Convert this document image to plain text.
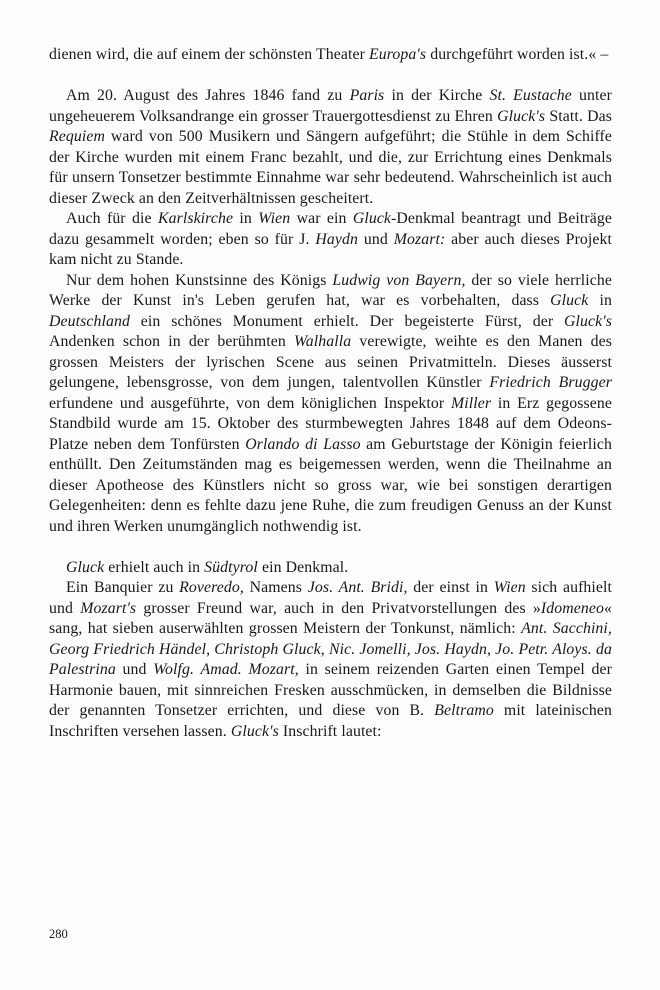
dienen wird, die auf einem der schönsten Theater Europa's durchgeführt worden ist.« –

Am 20. August des Jahres 1846 fand zu Paris in der Kirche St. Eustache unter ungeheuerem Volksandrange ein grosser Trauergottesdienst zu Ehren Gluck's Statt. Das Requiem ward von 500 Musikern und Sängern aufgeführt; die Stühle in dem Schiffe der Kirche wurden mit einem Franc bezahlt, und die, zur Errichtung eines Denkmals für unsern Tonsetzer bestimmte Einnahme war sehr bedeutend. Wahrscheinlich ist auch dieser Zweck an den Zeitverhältnissen gescheitert.

Auch für die Karlskirche in Wien war ein Gluck-Denkmal beantragt und Beiträge dazu gesammelt worden; eben so für J. Haydn und Mozart: aber auch dieses Projekt kam nicht zu Stande.

Nur dem hohen Kunstsinne des Königs Ludwig von Bayern, der so viele herrliche Werke der Kunst in's Leben gerufen hat, war es vorbehalten, dass Gluck in Deutschland ein schönes Monument erhielt. Der begeisterte Fürst, der Gluck's Andenken schon in der berühmten Walhalla verewigte, weihte es den Manen des grossen Meisters der lyrischen Scene aus seinen Privatmitteln. Dieses äusserst gelungene, lebensgrosse, von dem jungen, talentvollen Künstler Friedrich Brugger erfundene und ausgeführte, von dem königlichen Inspektor Miller in Erz gegossene Standbild wurde am 15. Oktober des sturmbewegten Jahres 1848 auf dem Odeons-Platze neben dem Tonfürsten Orlando di Lasso am Geburtstage der Königin feierlich enthüllt. Den Zeitumständen mag es beigemessen werden, wenn die Theilnahme an dieser Apotheose des Künstlers nicht so gross war, wie bei sonstigen derartigen Gelegenheiten: denn es fehlte dazu jene Ruhe, die zum freudigen Genuss an der Kunst und ihren Werken unumgänglich nothwendig ist.

Gluck erhielt auch in Südtyrol ein Denkmal.

Ein Banquier zu Roveredo, Namens Jos. Ant. Bridi, der einst in Wien sich aufhielt und Mozart's grosser Freund war, auch in den Privatvorstellungen des »Idomeneo« sang, hat sieben auserwählten grossen Meistern der Tonkunst, nämlich: Ant. Sacchini, Georg Friedrich Händel, Christoph Gluck, Nic. Jomelli, Jos. Haydn, Jo. Petr. Aloys. da Palestrina und Wolfg. Amad. Mozart, in seinem reizenden Garten einen Tempel der Harmonie bauen, mit sinnreichen Fresken ausschmücken, in demselben die Bildnisse der genannten Tonsetzer errichten, und diese von B. Beltramo mit lateinischen Inschriften versehen lassen. Gluck's Inschrift lautet:

280
